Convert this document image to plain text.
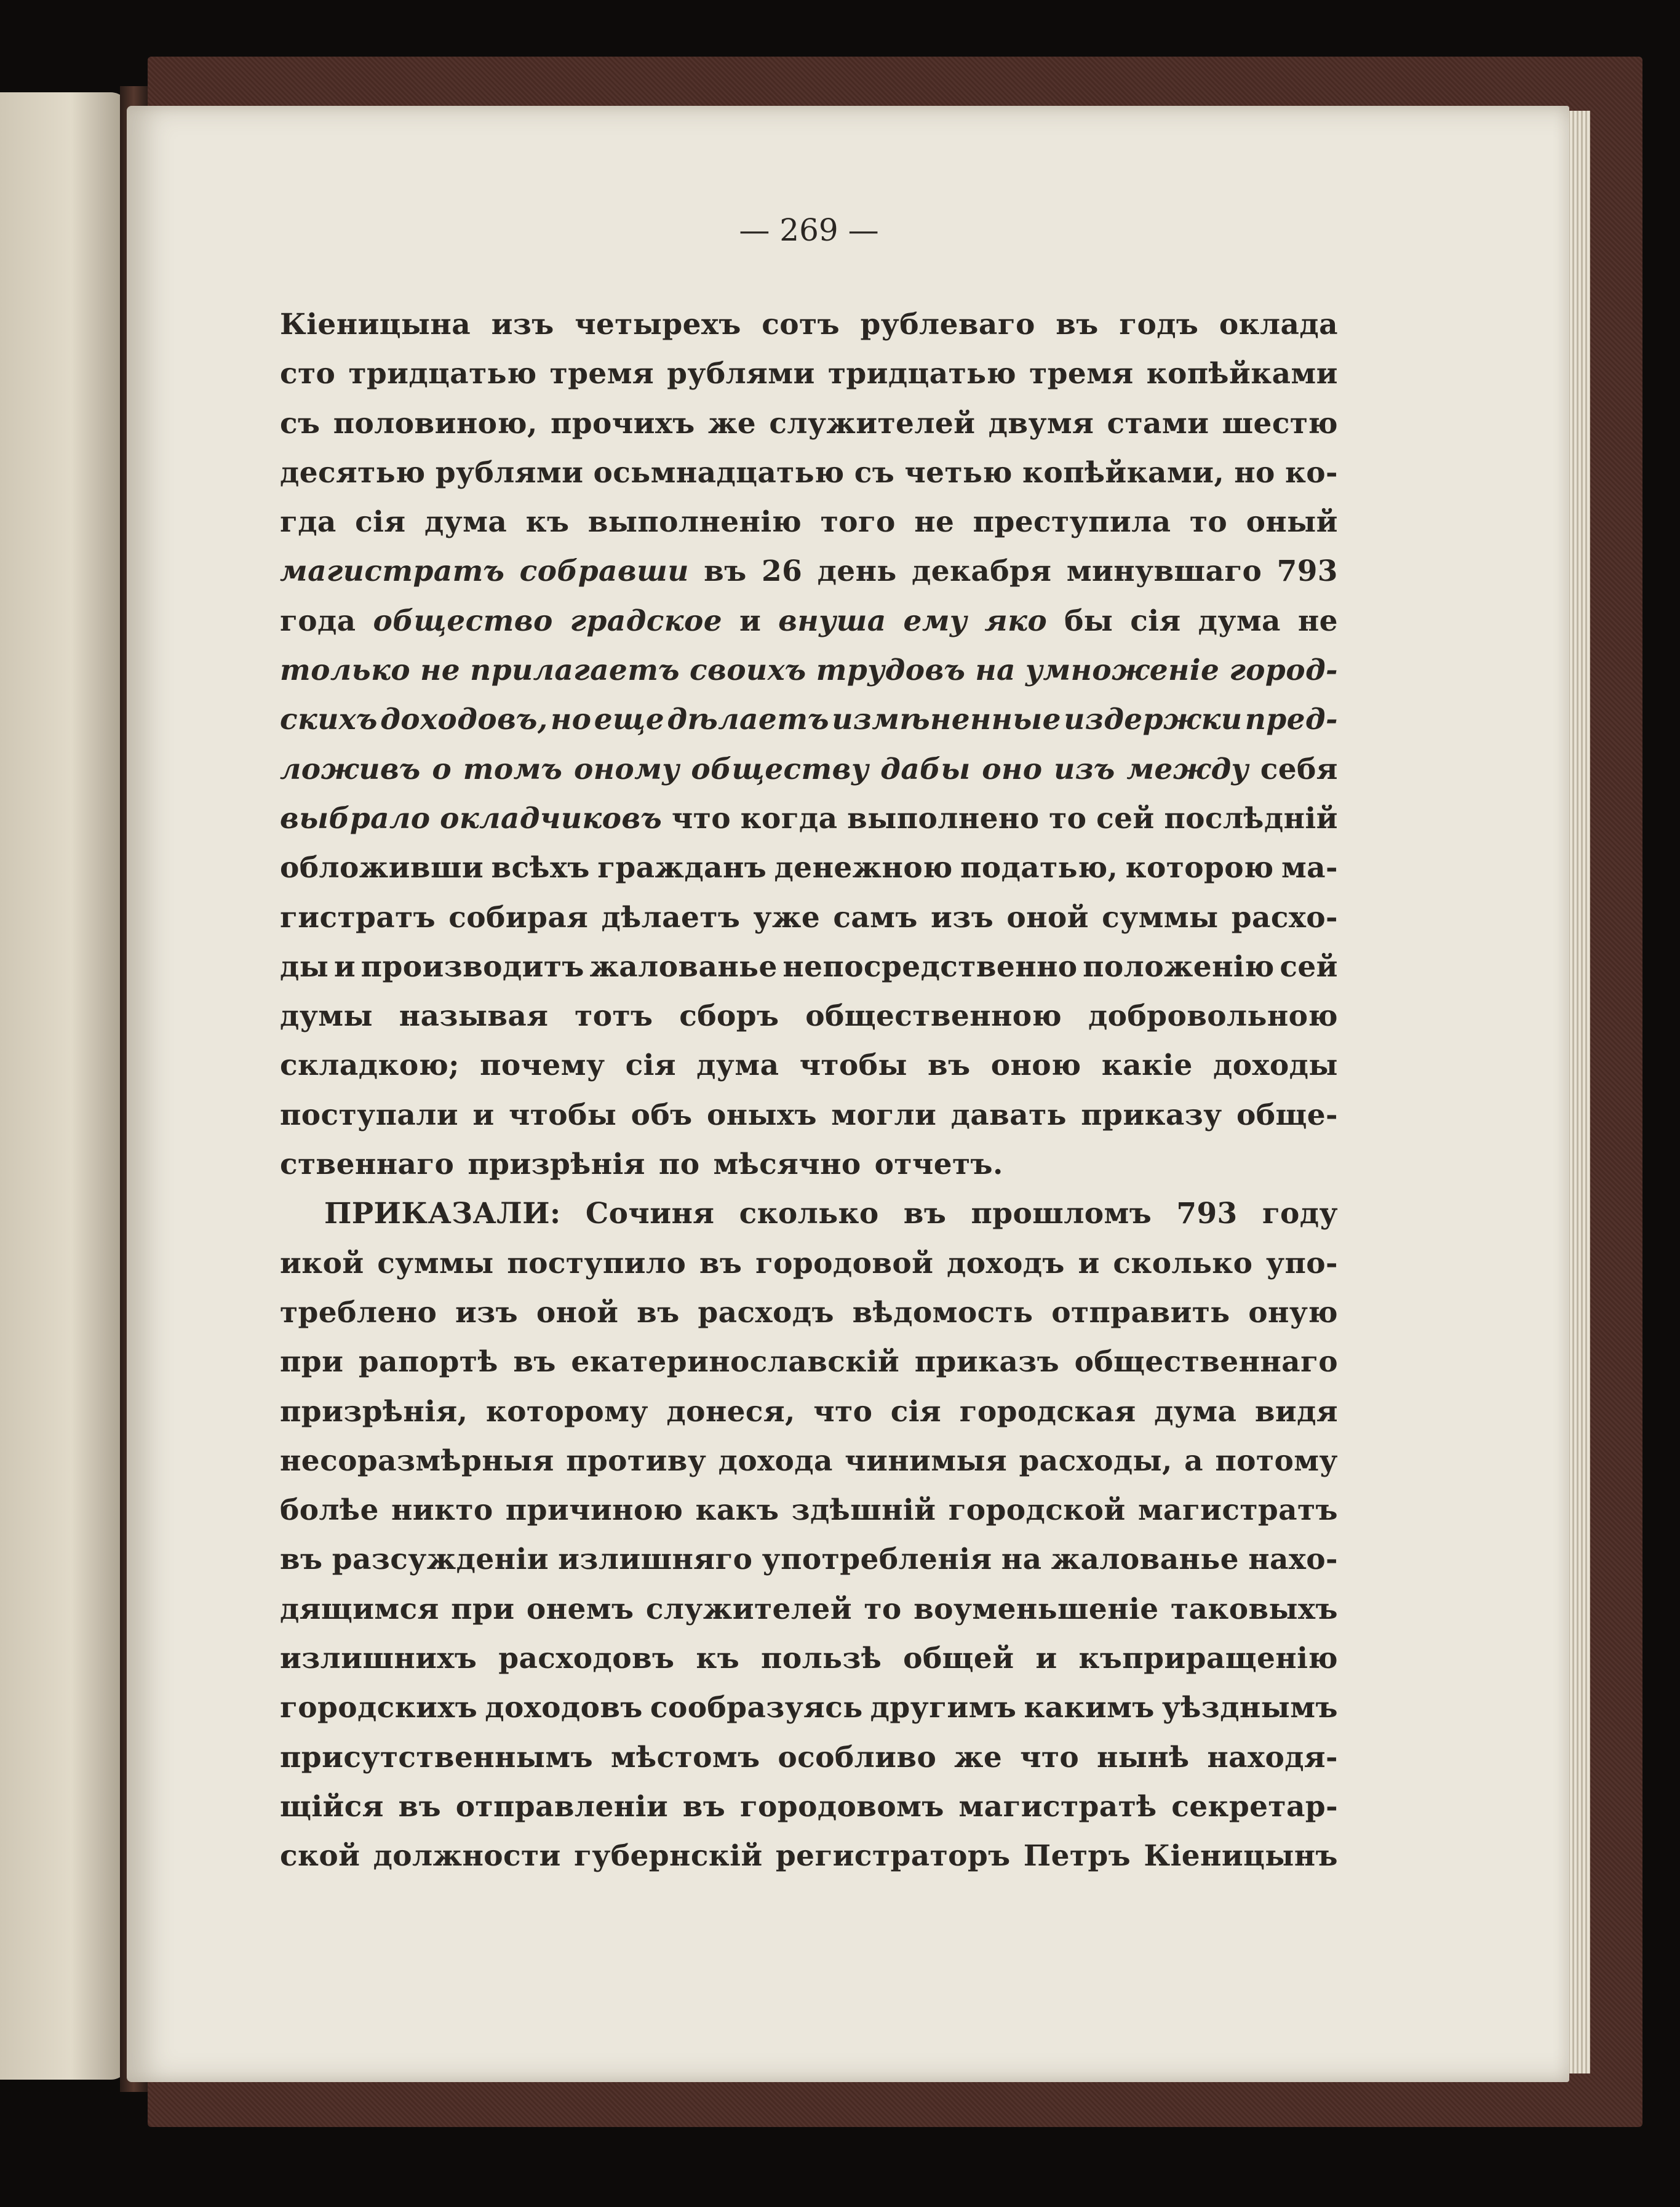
— 269 —
Кіеницына изъ четырехъ сотъ рублеваго въ годъ оклада
сто тридцатью тремя рублями тридцатью тремя копѣйками
съ половиною, прочихъ же служителей двумя стами шестю
десятью рублями осьмнадцатью съ четью копѣйками, но ко-
гда сія дума къ выполненію того не преступила то оный
магистратъ собравши въ 26 день декабря минувшаго 793
года общество градское и внуша ему яко бы сія дума не
только не прилагаетъ своихъ трудовъ на умноженіе город-
скихъ доходовъ, но еще дѣлаетъ измѣненные издержки пред-
ложивъ о томъ оному обществу дабы оно изъ между себя
выбрало окладчиковъ что когда выполнено то сей послѣднiй
обложивши всѣхъ гражданъ денежною податью, которою ма-
гистратъ собирая дѣлаетъ уже самъ изъ оной суммы расхо-
ды и производитъ жалованье непосредственно положенію сей
думы называя тотъ сборъ общественною добровольною
складкою; почему сія дума чтобы въ оною какіе доходы
поступали и чтобы объ оныхъ могли давать приказу обще-
ственнаго призрѣнія по мѣсячно отчетъ.
ПРИКАЗАЛИ: Сочиня сколько въ прошломъ 793 году
икой суммы поступило въ городовой доходъ и сколько упо-
треблено изъ оной въ расходъ вѣдомость отправить оную
при рапортѣ въ екатеринославскій приказъ общественнаго
призрѣнія, которому донеся, что сія городская дума видя
несоразмѣрныя противу дохода чинимыя расходы, а потому
болѣе никто причиною какъ здѣшній городской магистратъ
въ разсужденіи излишняго употребленія на жалованье нахо-
дящимся при онемъ служителей то воуменьшеніе таковыхъ
излишнихъ расходовъ къ пользѣ общей и къприращенію
городскихъ доходовъ сообразуясь другимъ какимъ уѣзднымъ
присутственнымъ мѣстомъ особливо же что нынѣ находя-
щійся въ отправленіи въ городовомъ магистратѣ секретар-
ской должности губернскій регистраторъ Петръ Кіеницынъ
